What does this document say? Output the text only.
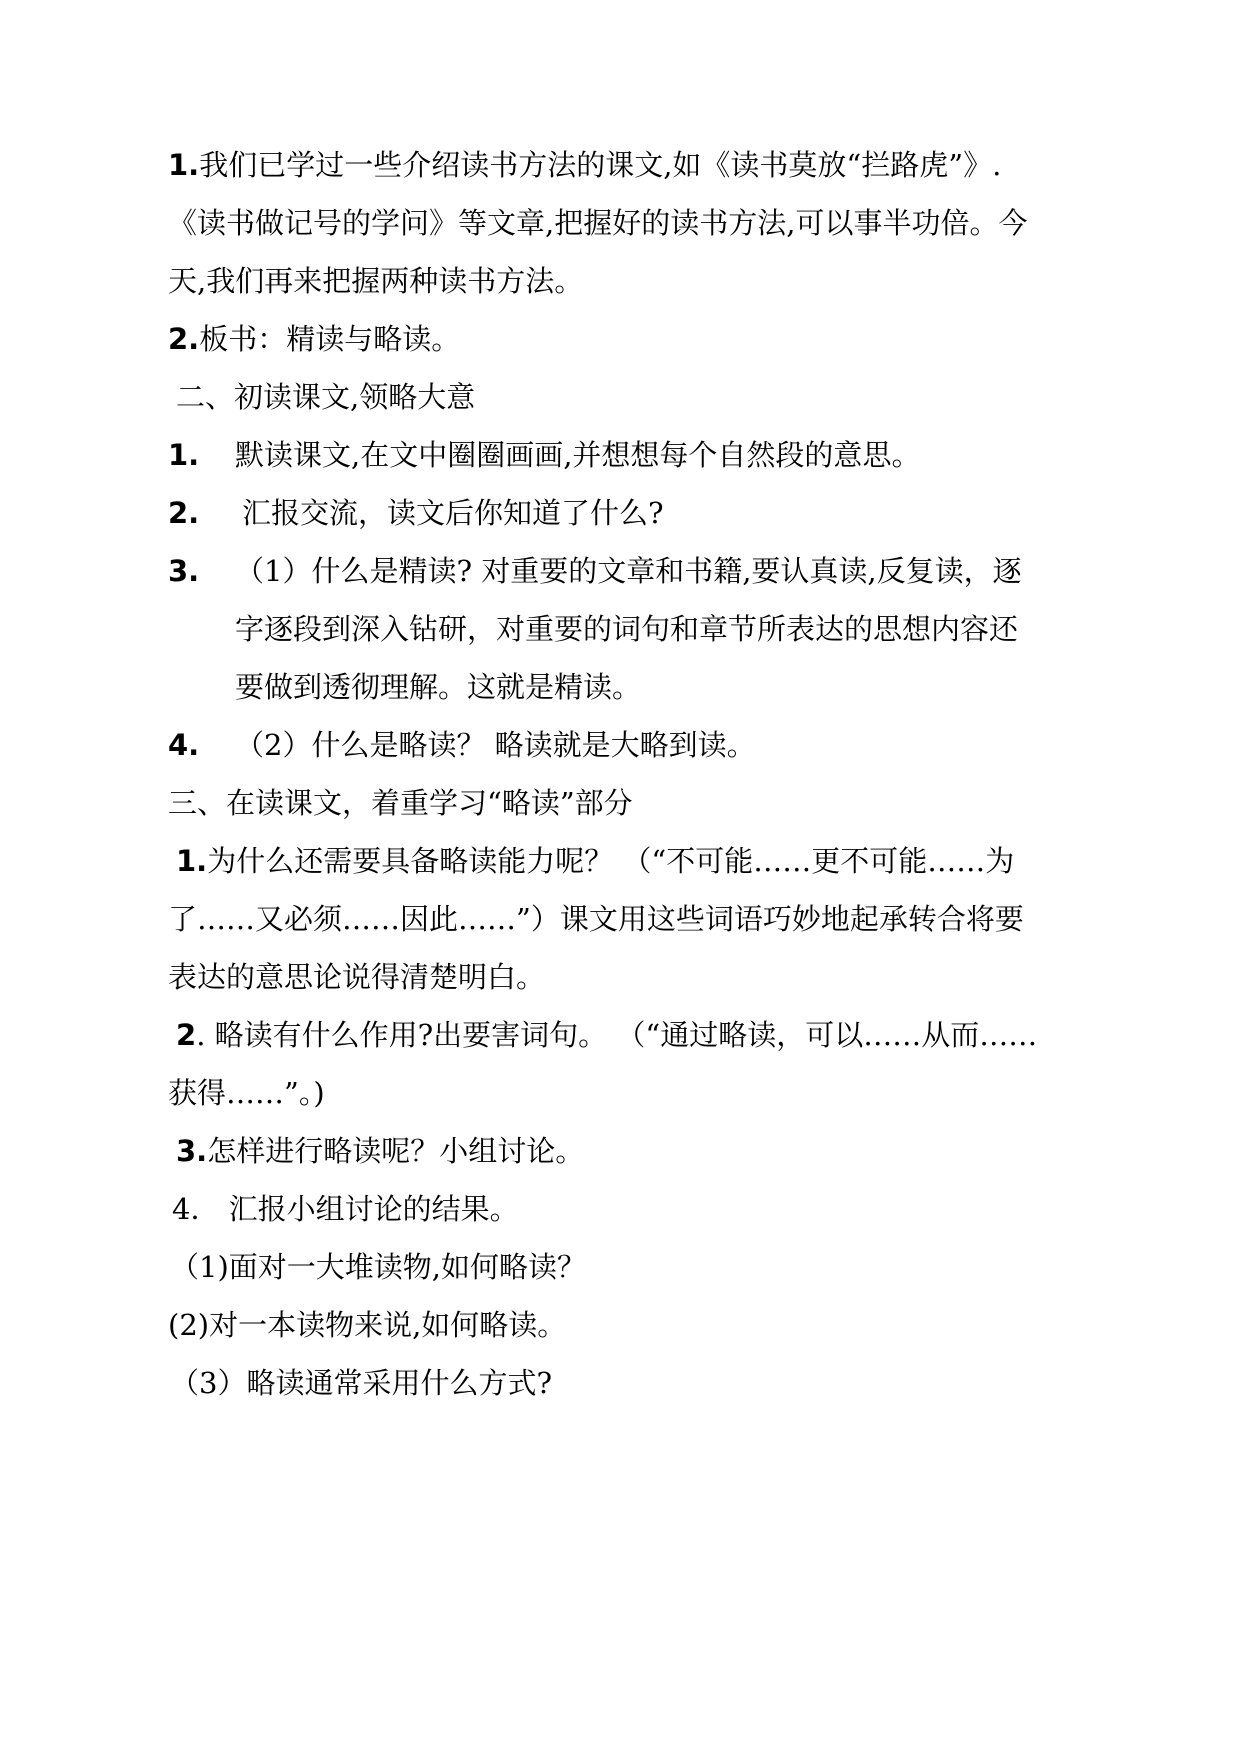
1.我们已学过一些介绍读书方法的课文,如《读书莫放“拦路虎”》.
《读书做记号的学问》等文章,把握好的读书方法,可以事半功倍。今
天,我们再来把握两种读书方法。
2.板书：精读与略读。
二、初读课文,领略大意
1. 默读课文,在文中圈圈画画,并想想每个自然段的意思。
2. 汇报交流，读文后你知道了什么?
3. （1）什么是精读? 对重要的文章和书籍,要认真读,反复读，逐
字逐段到深入钻研，对重要的词句和章节所表达的思想内容还
要做到透彻理解。这就是精读。
4. （2）什么是略读？ 略读就是大略到读。
三、在读课文，着重学习“略读”部分
1.为什么还需要具备略读能力呢？ （“不可能……更不可能……为
了……又必须……因此……”）课文用这些词语巧妙地起承转合将要
表达的意思论说得清楚明白。
2. 略读有什么作用?出要害词句。 （“通过略读，可以……从而……
获得……”。)
3.怎样进行略读呢？小组讨论。
4． 汇报小组讨论的结果。
（1)面对一大堆读物,如何略读？
(2)对一本读物来说,如何略读。
（3）略读通常采用什么方式?
